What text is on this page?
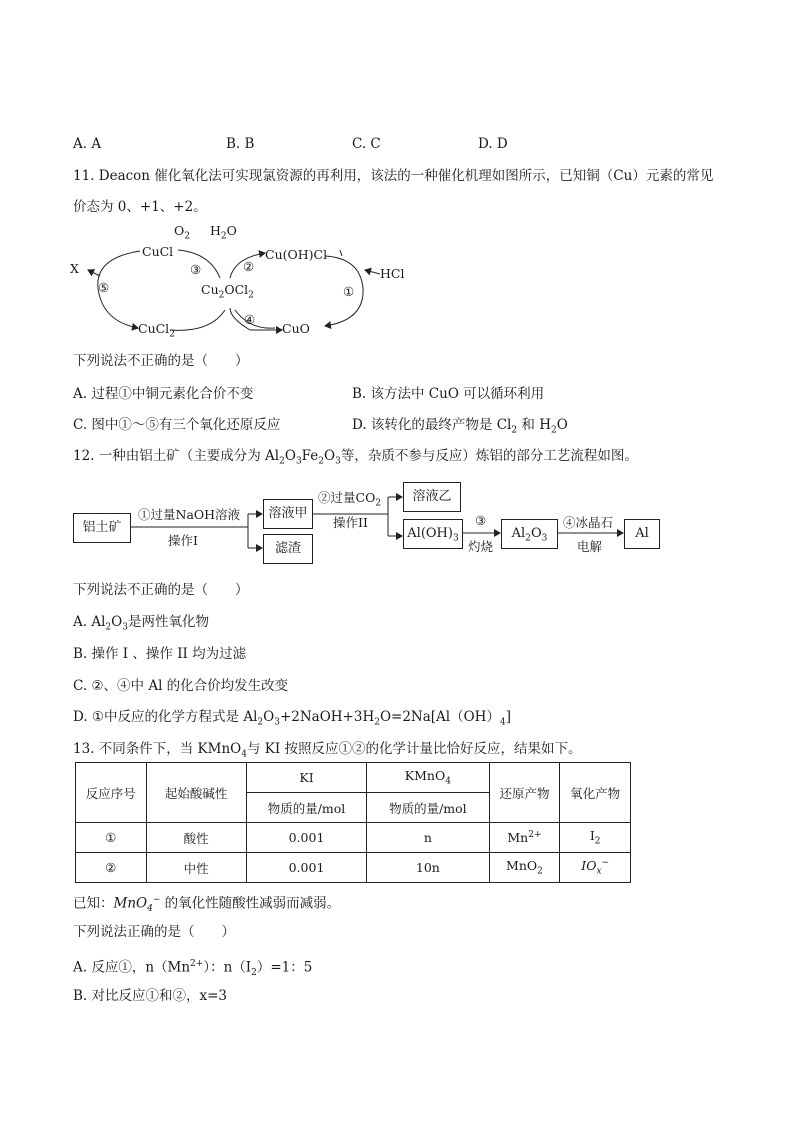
A. A	B. B	C. C	D. D
11. Deacon 催化氧化法可实现氯资源的再利用，该法的一种催化机理如图所示，已知铜（Cu）元素的常见
价态为 0、+1、+2。
X
⑤
CuCl
$O_2$
③
$H_2O$
②
Cu(OH)Cl
HCl
①
$Cu_2OCl_2$
④
CuCl$_2$	CuO
下列说法不正确的是（　　）
A. 过程①中铜元素化合价不变	B. 该方法中 CuO 可以循环利用
C. 图中①～⑤有三个氧化还原反应	D. 该转化的最终产物是 $Cl_2$ 和 $H_2O$
12. 一种由铝土矿（主要成分为 $Al_2O_3Fe_2O_3$等，杂质不参与反应）炼铝的部分工艺流程如图。
铝土矿
①过量NaOH溶液
操作I
溶液甲
滤渣
②过量$CO_2$
操作II
溶液乙
$Al(OH)_3$
③
灼烧
$Al_2O_3$
④冰晶石
电解
Al
下列说法不正确的是（　　）
A. $Al_2O_3$是两性氧化物
B. 操作 I 、操作 II 均为过滤
C. ②、④中 Al 的化合价均发生改变
D. ①中反应的化学方程式是 $Al_2O_3+2NaOH+3H_2O=2Na[Al(OH)_4]$
13. 不同条件下，当 KMnO$_4$与 KI 按照反应①②的化学计量比恰好反应，结果如下。
反应序号	起始酸碱性	KI	KMnO$_4$	还原产物	氧化产物
		物质的量/mol	物质的量/mol		
①	酸性	0.001	n	$Mn^{2+}$	$I_2$
②	中性	0.001	10n	MnO$_2$	$IO_x^-$
已知：MnO$_4$− 的氧化性随酸性减弱而减弱。
下列说法正确的是（　　）
A. 反应①，$n(Mn^{2+})$：$n(I_2)=1$：5
B. 对比反应①和②，x=3
